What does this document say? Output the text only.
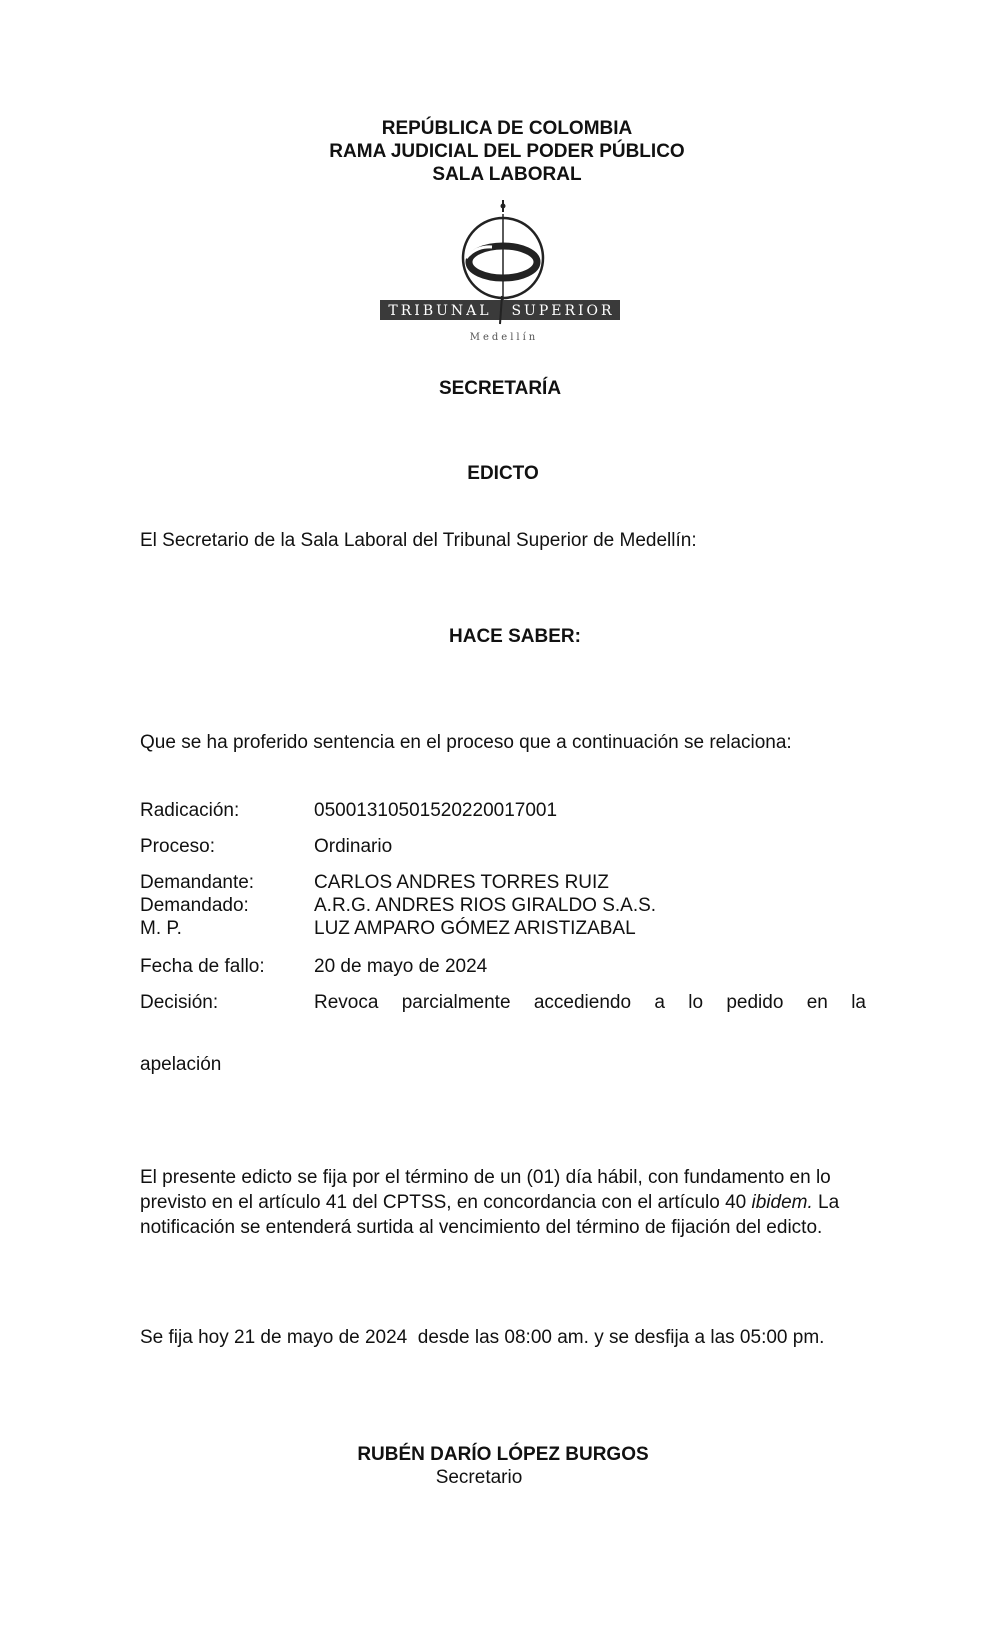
REPÚBLICA DE COLOMBIA
RAMA JUDICIAL DEL PODER PÚBLICO
SALA LABORAL
TRIBUNAL SUPERIOR
Medellín
SECRETARÍA
EDICTO
El Secretario de la Sala Laboral del Tribunal Superior de Medellín:
HACE SABER:
Que se ha proferido sentencia en el proceso que a continuación se relaciona:
Radicación:	05001310501520220017001
Proceso:	Ordinario
Demandante:	CARLOS ANDRES TORRES RUIZ
Demandado:	A.R.G. ANDRES RIOS GIRALDO S.A.S.
M. P.	LUZ AMPARO GÓMEZ ARISTIZABAL
Fecha de fallo:	20 de mayo de 2024
Decisión:	Revoca parcialmente accediendo a lo pedido en la
apelación
El presente edicto se fija por el término de un (01) día hábil, con fundamento en lo previsto en el artículo 41 del CPTSS, en concordancia con el artículo 40 ibidem. La notificación se entenderá surtida al vencimiento del término de fijación del edicto.
Se fija hoy 21 de mayo de 2024  desde las 08:00 am. y se desfija a las 05:00 pm.
RUBÉN DARÍO LÓPEZ BURGOS
Secretario
